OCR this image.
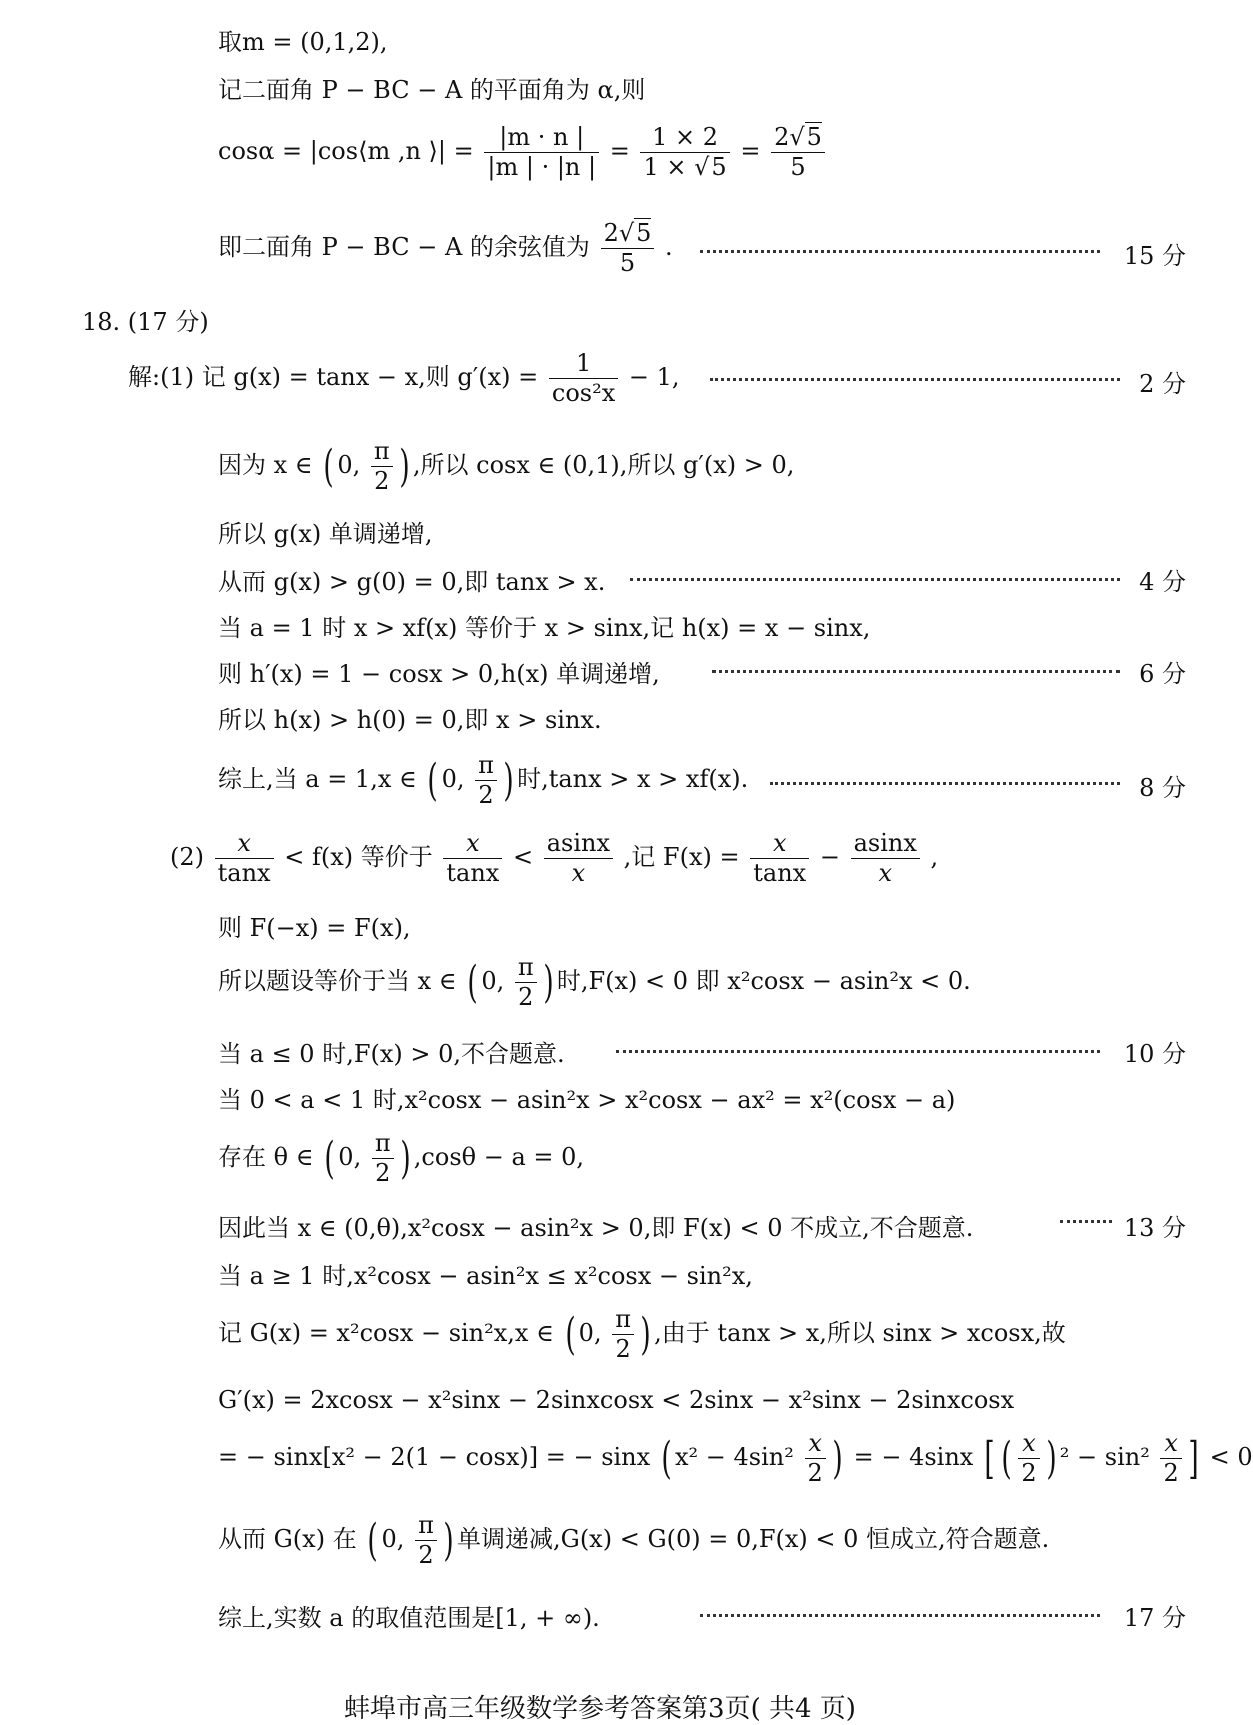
取m = (0,1,2),
记二面角 P − BC − A 的平面角为 α,则
cosα = |cos⟨m ,n ⟩| = $\frac{|m \cdot n |}{|m | \cdot |n |} = \frac{1 \times 2}{1 \times √5} = \frac{2√5}{5}$
即二面角 P − BC − A 的余弦值为 $\frac{2√5}{5}$ .	15 分
18. (17 分)
解:(1) 记 g(x) = tanx − x,则 $g'(x) = \frac{1}{\text{cos²x}} - 1$,	2 分
因为 x ∈ ( 0, $\frac{\pi}{2}$ ) ,所以 cosx ∈ (0,1),所以 g′(x) > 0,
所以 g(x) 单调递增,
从而 g(x) > g(0) = 0,即 tanx > x.	4 分
当 a = 1 时 x > xf(x) 等价于 x > sinx,记 h(x) = x − sinx,
则 h′(x) = 1 − cosx > 0,h(x) 单调递增,	6 分
所以 h(x) > h(0) = 0,即 x > sinx.
综上,当 a = 1,x ∈ ( 0, $\frac{\pi}{2}$ ) 时,tanx > x > xf(x).	8 分
$(2) \frac{x}{\tan x} < f(x)$ 等价于 $\frac{x}{\tan x} < \frac{asinx}{x}$ ,记 $F(x) = \frac{x}{\tan x} - \frac{asinx}{x}$ ,
则 F(−x) = F(x),
所以题设等价于当 x ∈ ( 0, $\frac{\pi}{2}$ ) 时,F(x) < 0 即 x²cosx − asin²x < 0.
当 a ≤ 0 时,F(x) > 0,不合题意.	10 分
当 0 < a < 1 时,x²cosx − asin²x > x²cosx − ax² = x²(cosx − a)
存在 θ ∈ ( 0, $\frac{\pi}{2}$ ) ,cosθ − a = 0,
因此当 x ∈ (0,θ),x²cosx − asin²x > 0,即 F(x) < 0 不成立,不合题意.	13 分
当 a ≥ 1 时,x²cosx − asin²x ≤ x²cosx − sin²x,
记 G(x) = x²cosx − sin²x,x ∈ ( 0, $\frac{\pi}{2}$ ) ,由于 tanx > x,所以 sinx > xcosx,故
G′(x) = 2xcosx − x²sinx − 2sinxcosx < 2sinx − x²sinx − 2sinxcosx
= − sinx[x² − 2(1 − cosx)] = − sinx ( $x^2 - 4\sin^2 \frac{x}{2}$ ) = − 4sinx [ ( $\frac{x}{2}$ ) $^2 - \sin^2 \frac{x}{2}$ ] < 0
从而 G(x) 在 ( 0, $\frac{\pi}{2}$ ) 单调递减,G(x) < G(0) = 0,F(x) < 0 恒成立,符合题意.
综上,实数 a 的取值范围是[1, + ∞).	17 分
蚌埠市高三年级数学参考答案第3页( 共4 页)
